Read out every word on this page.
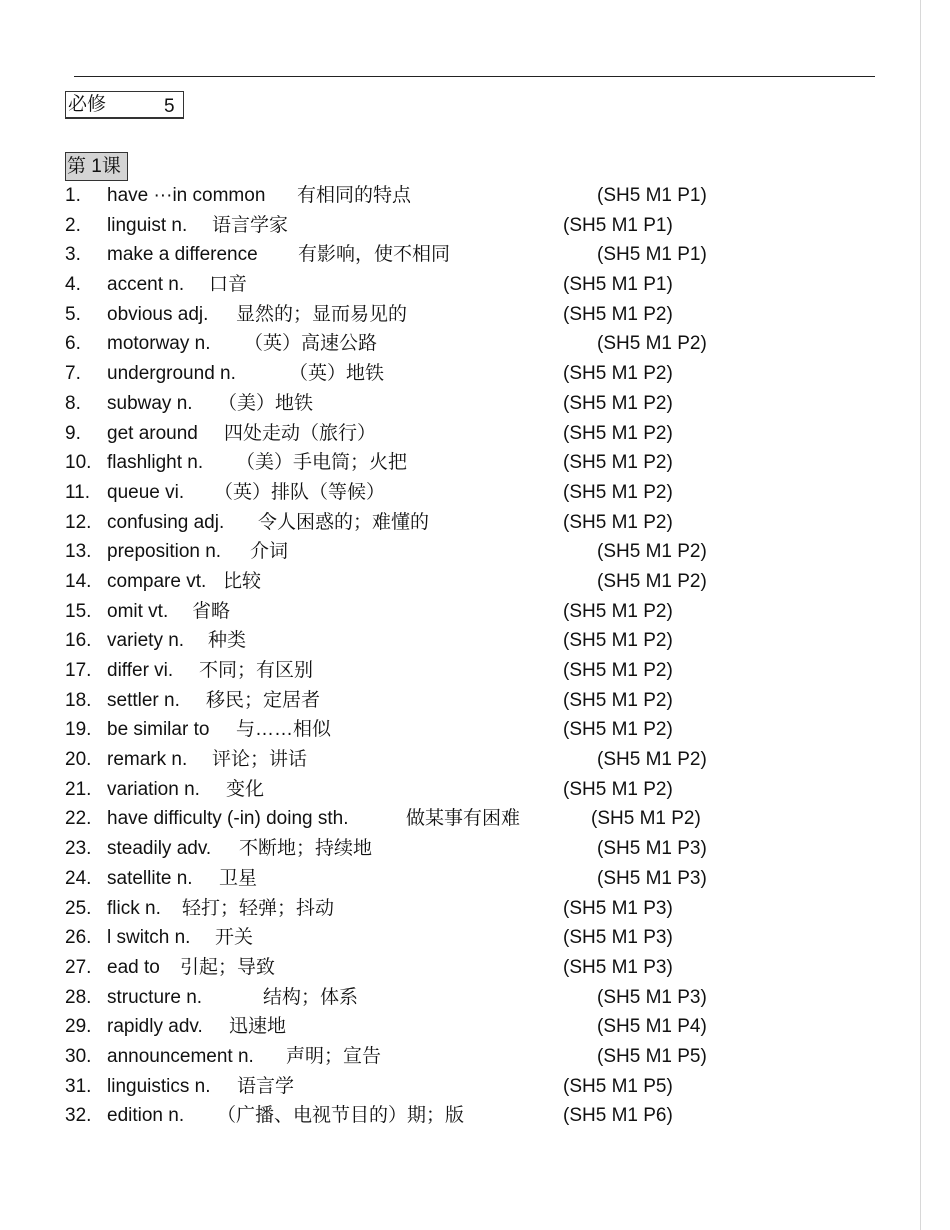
必修	5
第 1课
1. have ···in common 有相同的特点	(SH5 M1 P1)
2. linguist n. 语言学家	(SH5 M1 P1)
3. make a difference 有影响，使不相同	(SH5 M1 P1)
4. accent n. 口音	(SH5 M1 P1)
5. obvious adj. 显然的；显而易见的	(SH5 M1 P2)
6. motorway n. （英）高速公路	(SH5 M1 P2)
7. underground n.	（英）地铁	(SH5 M1 P2)
8. subway n. （美）地铁	(SH5 M1 P2)
9. get around 四处走动（旅行）	(SH5 M1 P2)
10. flashlight n. （美）手电筒；火把	(SH5 M1 P2)
11. queue vi. （英）排队（等候）	(SH5 M1 P2)
12. confusing adj. 令人困惑的；难懂的	(SH5 M1 P2)
13. preposition n. 介词	(SH5 M1 P2)
14. compare vt. 比较	(SH5 M1 P2)
15. omit vt. 省略	(SH5 M1 P2)
16. variety n. 种类	(SH5 M1 P2)
17. differ vi. 不同；有区别	(SH5 M1 P2)
18. settler n. 移民；定居者	(SH5 M1 P2)
19. be similar to 与……相似	(SH5 M1 P2)
20. remark n. 评论；讲话	(SH5 M1 P2)
21. variation n. 变化	(SH5 M1 P2)
22. have difficulty (-in) doing sth.	做某事有困难	(SH5 M1 P2)
23. steadily adv. 不断地；持续地	(SH5 M1 P3)
24. satellite n. 卫星	(SH5 M1 P3)
25. flick n. 轻打；轻弹；抖动	(SH5 M1 P3)
26. l switch n. 开关	(SH5 M1 P3)
27. ead to 引起；导致	(SH5 M1 P3)
28. structure n.	结构；体系	(SH5 M1 P3)
29. rapidly adv. 迅速地	(SH5 M1 P4)
30. announcement n. 声明；宣告	(SH5 M1 P5)
31. linguistics n. 语言学	(SH5 M1 P5)
32. edition n. （广播、电视节目的）期；版	(SH5 M1 P6)
